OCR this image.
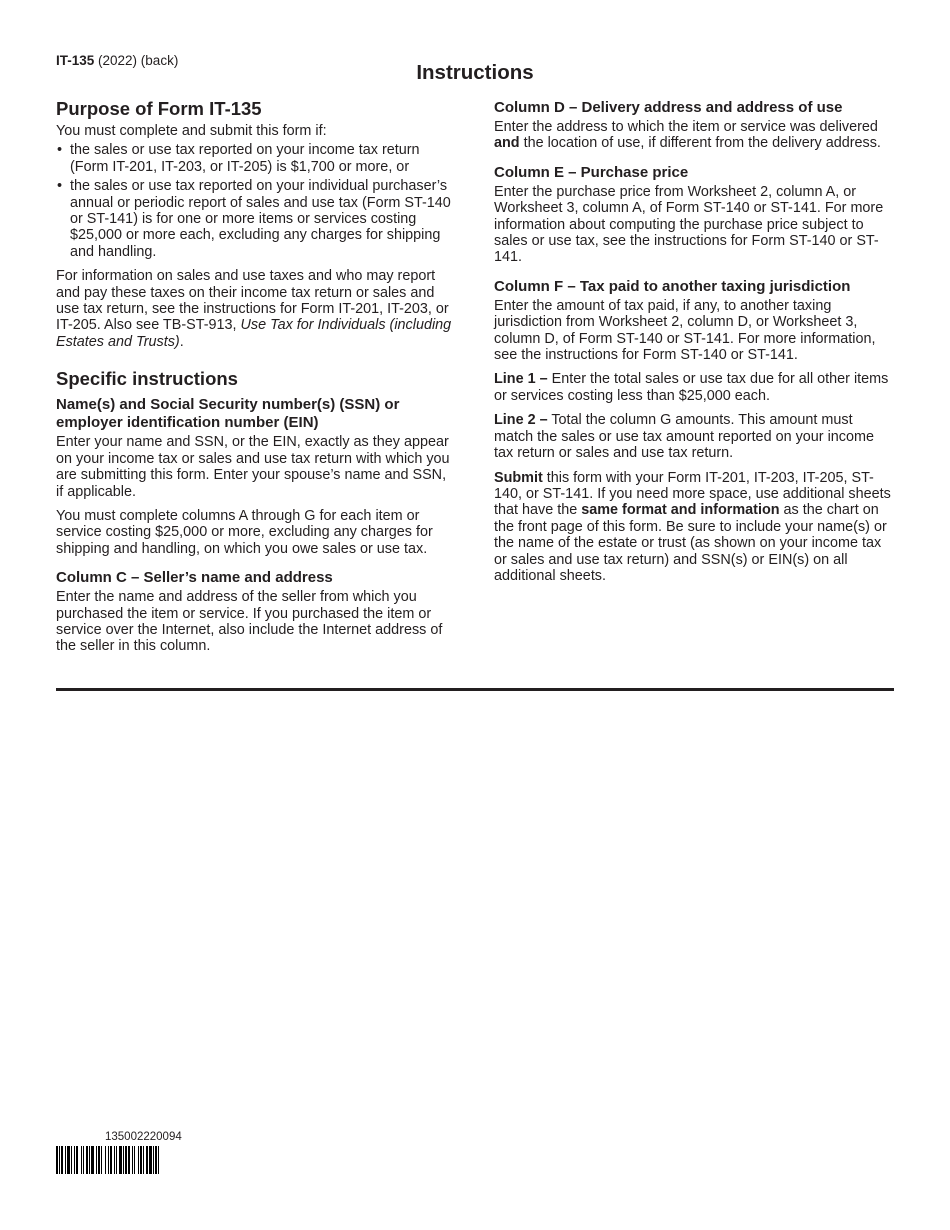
IT-135 (2022) (back)
Instructions
Purpose of Form IT-135

You must complete and submit this form if:

• the sales or use tax reported on your income tax return (Form IT-201, IT-203, or IT-205) is $1,700 or more, or
• the sales or use tax reported on your individual purchaser’s annual or periodic report of sales and use tax (Form ST-140 or ST-141) is for one or more items or services costing $25,000 or more each, excluding any charges for shipping and handling.

For information on sales and use taxes and who may report and pay these taxes on their income tax return or sales and use tax return, see the instructions for Form IT-201, IT-203, or IT-205. Also see TB-ST-913, Use Tax for Individuals (including Estates and Trusts).

Specific instructions
Name(s) and Social Security number(s) (SSN) or employer identification number (EIN)

Enter your name and SSN, or the EIN, exactly as they appear on your income tax or sales and use tax return with which you are submitting this form. Enter your spouse’s name and SSN, if applicable.

You must complete columns A through G for each item or service costing $25,000 or more, excluding any charges for shipping and handling, on which you owe sales or use tax.

Column C – Seller’s name and address

Enter the name and address of the seller from which you purchased the item or service. If you purchased the item or service over the Internet, also include the Internet address of the seller in this column.

Column D – Delivery address and address of use

Enter the address to which the item or service was delivered and the location of use, if different from the delivery address.

Column E – Purchase price

Enter the purchase price from Worksheet 2, column A, or Worksheet 3, column A, of Form ST-140 or ST-141. For more information about computing the purchase price subject to sales or use tax, see the instructions for Form ST-140 or ST-141.

Column F – Tax paid to another taxing jurisdiction

Enter the amount of tax paid, if any, to another taxing jurisdiction from Worksheet 2, column D, or Worksheet 3, column D, of Form ST-140 or ST-141. For more information, see the instructions for Form ST-140 or ST-141.

Line 1 – Enter the total sales or use tax due for all other items or services costing less than $25,000 each.

Line 2 – Total the column G amounts. This amount must match the sales or use tax amount reported on your income tax return or sales and use tax return.

Submit this form with your Form IT-201, IT-203, IT-205, ST-140, or ST-141. If you need more space, use additional sheets that have the same format and information as the chart on the front page of this form. Be sure to include your name(s) or the name of the estate or trust (as shown on your income tax or sales and use tax return) and SSN(s) or EIN(s) on all additional sheets.

135002220094
